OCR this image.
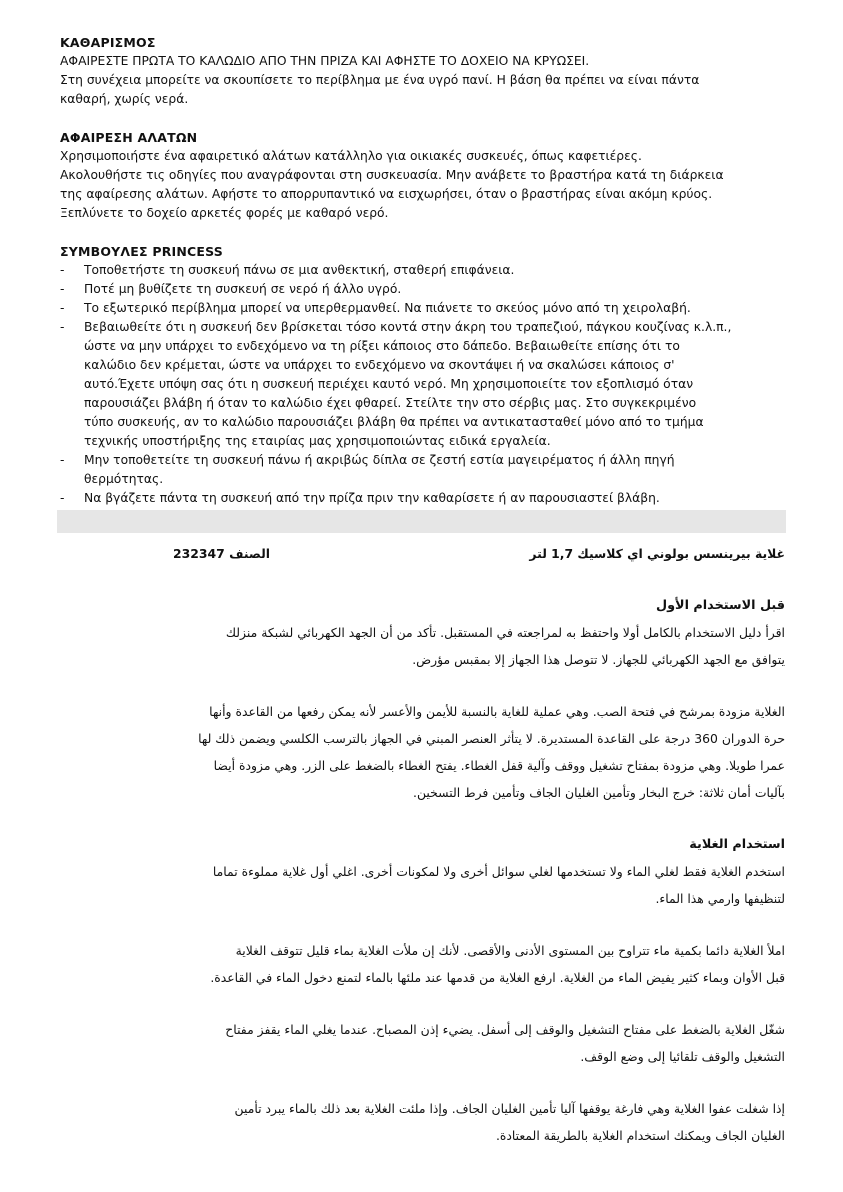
ΚΑΘΑΡΙΣΜΟΣ

ΑΦΑΙΡΕΣΤΕ ΠΡΩΤΑ ΤΟ ΚΑΛΩΔΙΟ ΑΠΟ ΤΗΝ ΠΡΙΖΑ ΚΑΙ ΑΦΗΣΤΕ ΤΟ ΔΟΧΕΙΟ ΝΑ ΚΡΥΩΣΕΙ.

Στη συνέχεια μπορείτε να σκουπίσετε το περίβλημα με ένα υγρό πανί. Η βάση θα πρέπει να είναι πάντα

καθαρή, χωρίς νερά.

ΑΦΑΙΡΕΣΗ ΑΛΑΤΩΝ

Χρησιμοποιήστε ένα αφαιρετικό αλάτων κατάλληλο για οικιακές συσκευές, όπως καφετιέρες.

Ακολουθήστε τις οδηγίες που αναγράφονται στη συσκευασία. Μην ανάβετε το βραστήρα κατά τη διάρκεια

της αφαίρεσης αλάτων. Αφήστε το απορρυπαντικό να εισχωρήσει, όταν ο βραστήρας είναι ακόμη κρύος.

Ξεπλύνετε το δοχείο αρκετές φορές με καθαρό νερό.

ΣΥΜΒΟΥΛΕΣ PRINCESS
- Τοποθετήστε τη συσκευή πάνω σε μια ανθεκτική, σταθερή επιφάνεια.
- Ποτέ μη βυθίζετε τη συσκευή σε νερό ή άλλο υγρό.
- Το εξωτερικό περίβλημα μπορεί να υπερθερμανθεί. Να πιάνετε το σκεύος μόνο από τη χειρολαβή.
- Βεβαιωθείτε ότι η συσκευή δεν βρίσκεται τόσο κοντά στην άκρη του τραπεζιού, πάγκου κουζίνας κ.λ.π.,
ώστε να μην υπάρχει το ενδεχόμενο να τη ρίξει κάποιος στο δάπεδο. Βεβαιωθείτε επίσης ότι το
καλώδιο δεν κρέμεται, ώστε να υπάρχει το ενδεχόμενο να σκοντάψει ή να σκαλώσει κάποιος σ'
αυτό.Έχετε υπόψη σας ότι η συσκευή περιέχει καυτό νερό. Μη χρησιμοποιείτε τον εξοπλισμό όταν
παρουσιάζει βλάβη ή όταν το καλώδιο έχει φθαρεί. Στείλτε την στο σέρβις μας. Στο συγκεκριμένο
τύπο συσκευής, αν το καλώδιο παρουσιάζει βλάβη θα πρέπει να αντικατασταθεί μόνο από το τμήμα
τεχνικής υποστήριξης της εταιρίας μας χρησιμοποιώντας ειδικά εργαλεία.
- Μην τοποθετείτε τη συσκευή πάνω ή ακριβώς δίπλα σε ζεστή εστία μαγειρέματος ή άλλη πηγή
θερμότητας.
- Να βγάζετε πάντα τη συσκευή από την πρίζα πριν την καθαρίσετε ή αν παρουσιαστεί βλάβη.
غلاية بيرينسس بولوني اي كلاسيك 1,7 لتر
الصنف 232347
قبل الاستخدام الأول

اقرأ دليل الاستخدام بالكامل أولا واحتفظ به لمراجعته في المستقبل. تأكد من أن الجهد الكهربائي لشبكة منزلك

يتوافق مع الجهد الكهربائي للجهاز. لا تتوصل هذا الجهاز إلا بمقبس مؤرض.

الغلاية مزودة بمرشح في فتحة الصب. وهي عملية للغاية بالنسبة للأيمن والأعسر لأنه يمكن رفعها من القاعدة وأنها

حرة الدوران 360 درجة على القاعدة المستديرة. لا يتأثر العنصر المبني في الجهاز بالترسب الكلسي ويضمن ذلك لها

عمرا طويلا. وهي مزودة بمفتاح تشغيل ووقف وآلية قفل الغطاء. يفتح الغطاء بالضغط على الزر. وهي مزودة أيضا

بآليات أمان ثلاثة: خرج البخار وتأمين الغليان الجاف وتأمين فرط التسخين.

استخدام الغلاية

استخدم الغلاية فقط لغلي الماء ولا تستخدمها لغلي سوائل أخرى ولا لمكونات أخرى. اغلي أول غلاية مملوءة تماما

لتنظيفها وارمي هذا الماء.

املأ الغلاية دائما بكمية ماء تتراوح بين المستوى الأدنى والأقصى. لأنك إن ملأت الغلاية بماء قليل تتوقف الغلاية

قبل الأوان وبماء كثير يفيض الماء من الغلاية. ارفع الغلاية من قدمها عند ملئها بالماء لتمنع دخول الماء في القاعدة.

شغّل الغلاية بالضغط على مفتاح التشغيل والوقف إلى أسفل. يضيء إذن المصباح. عندما يغلي الماء يقفز مفتاح

التشغيل والوقف تلقائيا إلى وضع الوقف.

إذا شغلت عفوا الغلاية وهي فارغة يوقفها آليا تأمين الغليان الجاف. وإذا ملئت الغلاية بعد ذلك بالماء يبرد تأمين

الغليان الجاف ويمكنك استخدام الغلاية بالطريقة المعتادة.
